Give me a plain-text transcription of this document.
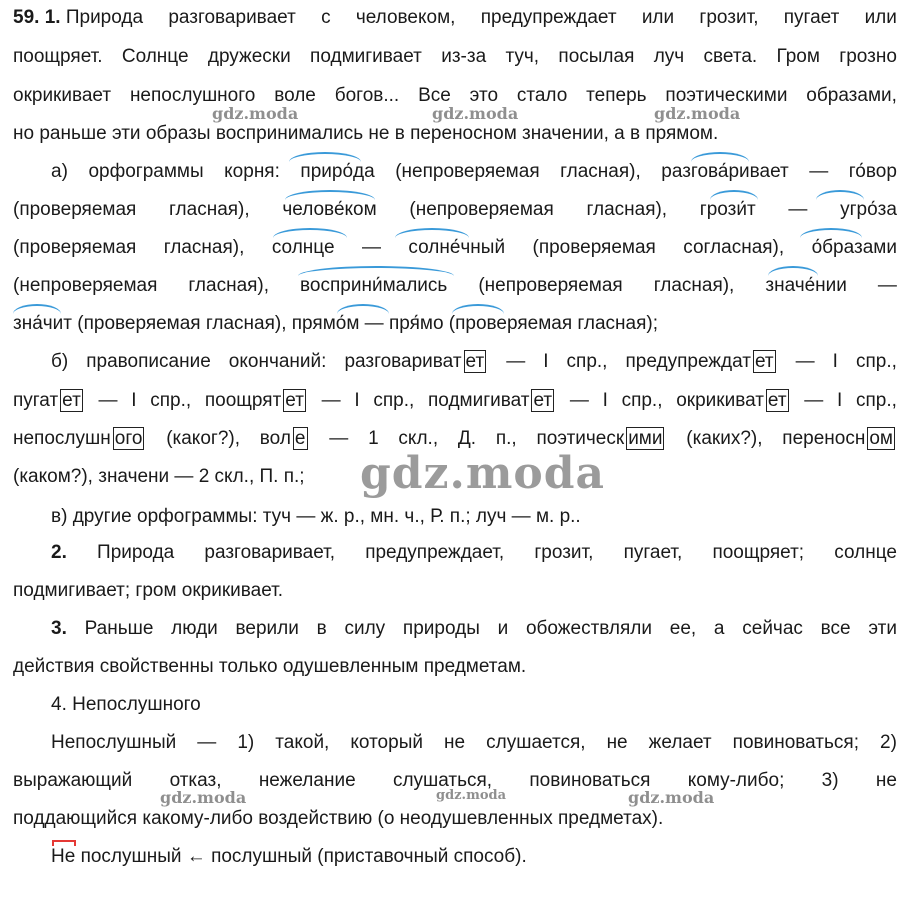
59. 1. Природа разговаривает с человеком, предупреждает или грозит, пугает или
поощряет. Солнце дружески подмигивает из-за туч, посылая луч света. Гром грозно
окрикивает непослушного воле богов... Все это стало теперь поэтическими образами,
но раньше эти образы воспринимались не в переносном значении, а в прямом.
а) орфограммы корня: приро́да (непроверяемая гласная), разгова́ривает — го́вор
(проверяемая гласная), челове́ком (непроверяемая гласная), грози́т — угро́за
(проверяемая гласная), солнце — солне́чный (проверяемая согласная), о́бразами
(непроверяемая гласная), восприни́мались (непроверяемая гласная), значе́нии —
зна́чит (проверяемая гласная), прямо́м — пря́мо (проверяемая гласная);
б) правописание окончаний: разговариват ет — I спр., предупреждат ет — I спр.,
пугат ет — I спр., поощрят ет — I спр., подмигиват ет — I спр., окрикиват ет — I спр.,
непослушн ого (каког?), вол е — 1 скл., Д. п., поэтическ ими (каких?), переносн ом
(каком?), значени — 2 скл., П. п.;
в) другие орфограммы: туч — ж. р., мн. ч., Р. п.; луч — м. р..
2. Природа разговаривает, предупреждает, грозит, пугает, поощряет; солнце
подмигивает; гром окрикивает.
3. Раньше люди верили в силу природы и обожествляли ее, а сейчас все эти
действия свойственны только одушевленным предметам.
4. Непослушного
Непослушный — 1) такой, который не слушается, не желает повиноваться; 2)
выражающий отказ, нежелание слушаться, повиноваться кому-либо; 3) не
поддающийся какому-либо воздействию (о неодушевленных предметах).
Не послушный ← послушный (приставочный способ).
gdz.moda	gdz.moda	gdz.moda
gdz.moda
gdz.moda	gdz.moda	gdz.moda
